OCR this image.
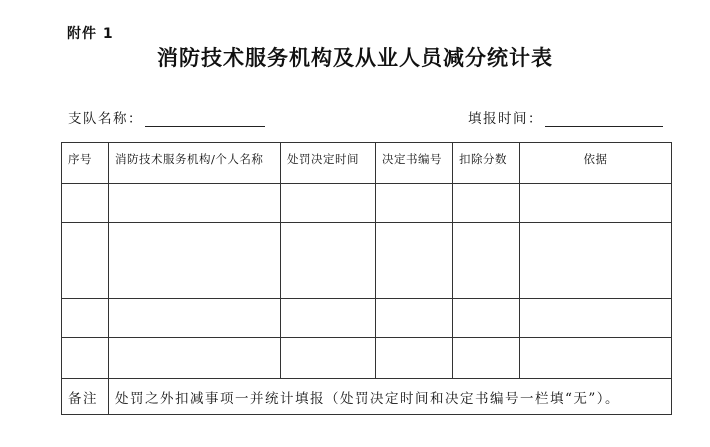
附件 1
消防技术服务机构及从业人员减分统计表
支队名称：	填报时间：
序号	消防技术服务机构/个人名称	处罚决定时间	决定书编号	扣除分数	依据

备注	处罚之外扣减事项一并统计填报（处罚决定时间和决定书编号一栏填“无”）。				
